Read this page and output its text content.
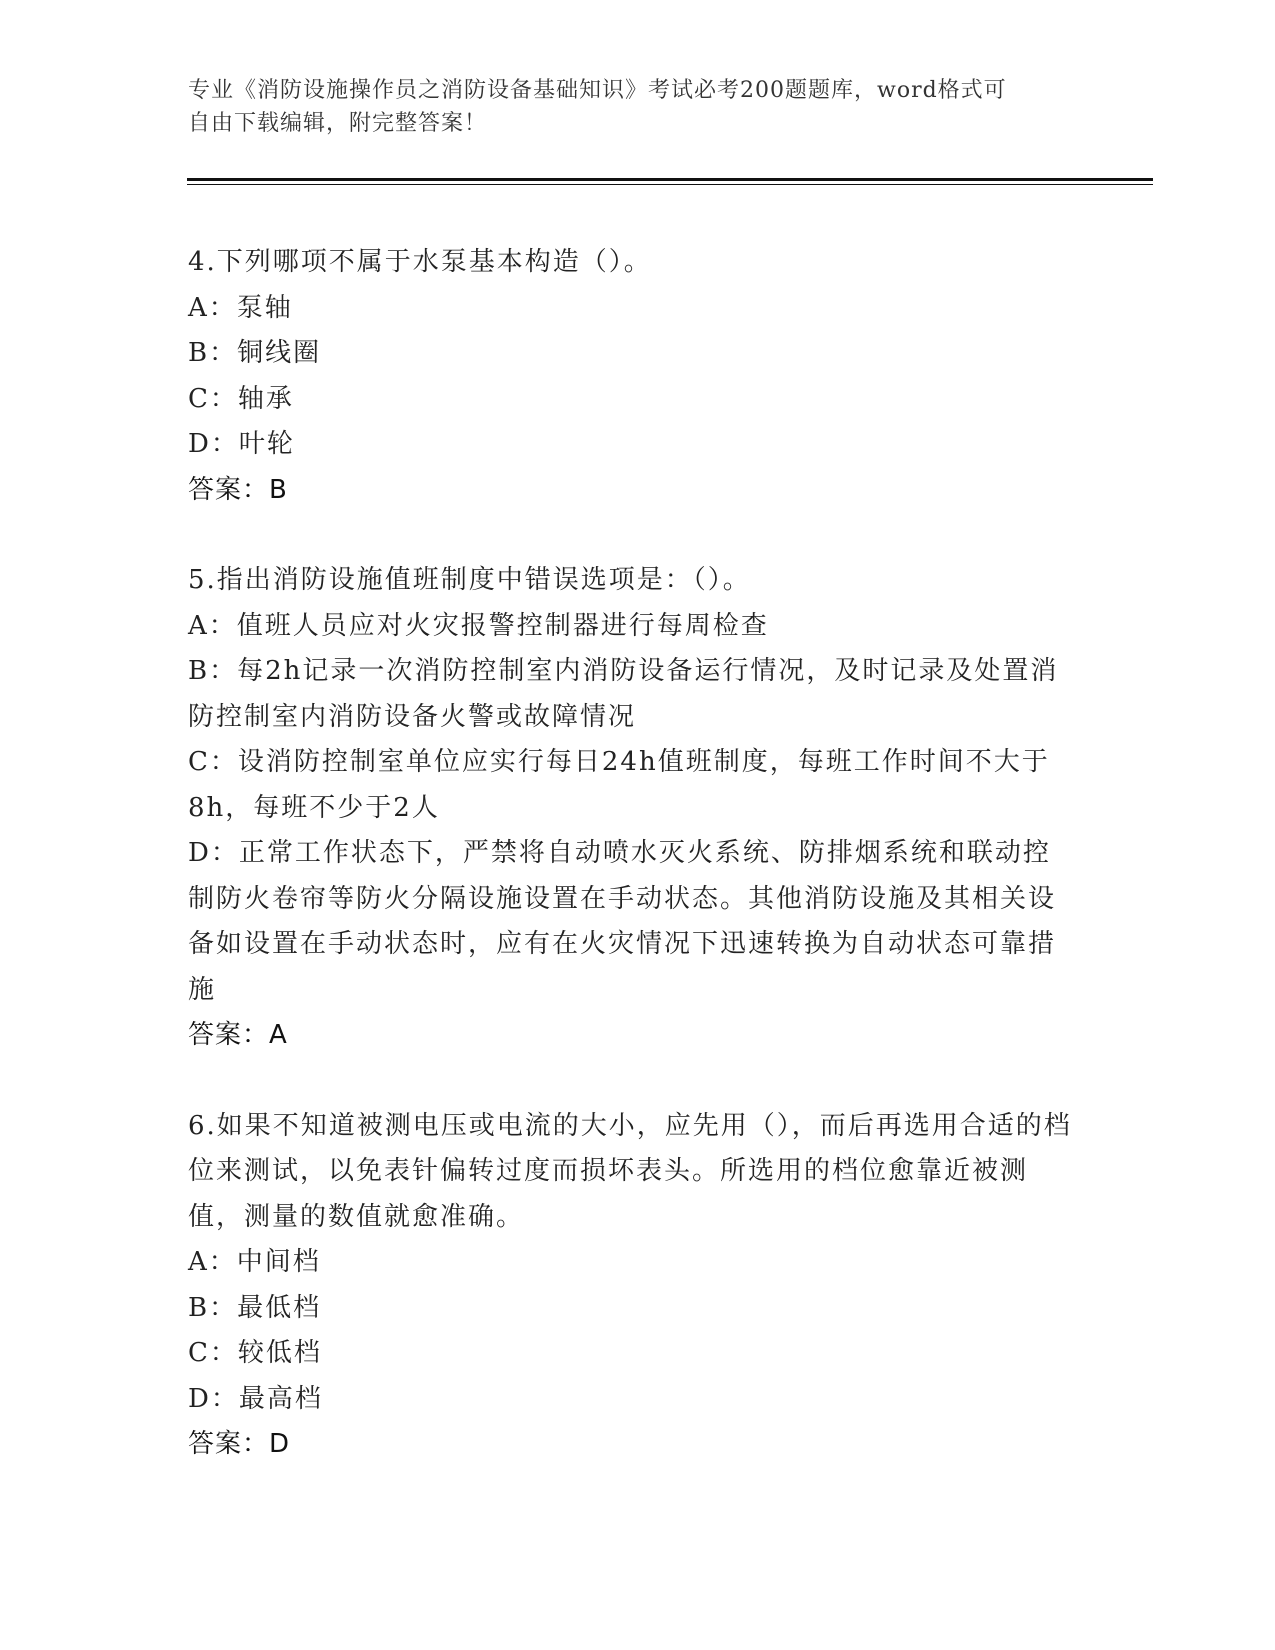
专业《消防设施操作员之消防设备基础知识》考试必考200题题库，word格式可
自由下载编辑，附完整答案！

4.下列哪项不属于水泵基本构造（）。

A：泵轴

B：铜线圈

C：轴承

D：叶轮

答案：B

5.指出消防设施值班制度中错误选项是：（）。

A：值班人员应对火灾报警控制器进行每周检查

B：每2h记录一次消防控制室内消防设备运行情况，及时记录及处置消防控制室内消防设备火警或故障情况

C：设消防控制室单位应实行每日24h值班制度，每班工作时间不大于8h，每班不少于2人

D：正常工作状态下，严禁将自动喷水灭火系统、防排烟系统和联动控制防火卷帘等防火分隔设施设置在手动状态。其他消防设施及其相关设备如设置在手动状态时，应有在火灾情况下迅速转换为自动状态可靠措施

答案：A

6.如果不知道被测电压或电流的大小，应先用（），而后再选用合适的档位来测试，以免表针偏转过度而损坏表头。所选用的档位愈靠近被测值，测量的数值就愈准确。

A：中间档

B：最低档

C：较低档

D：最高档

答案：D
